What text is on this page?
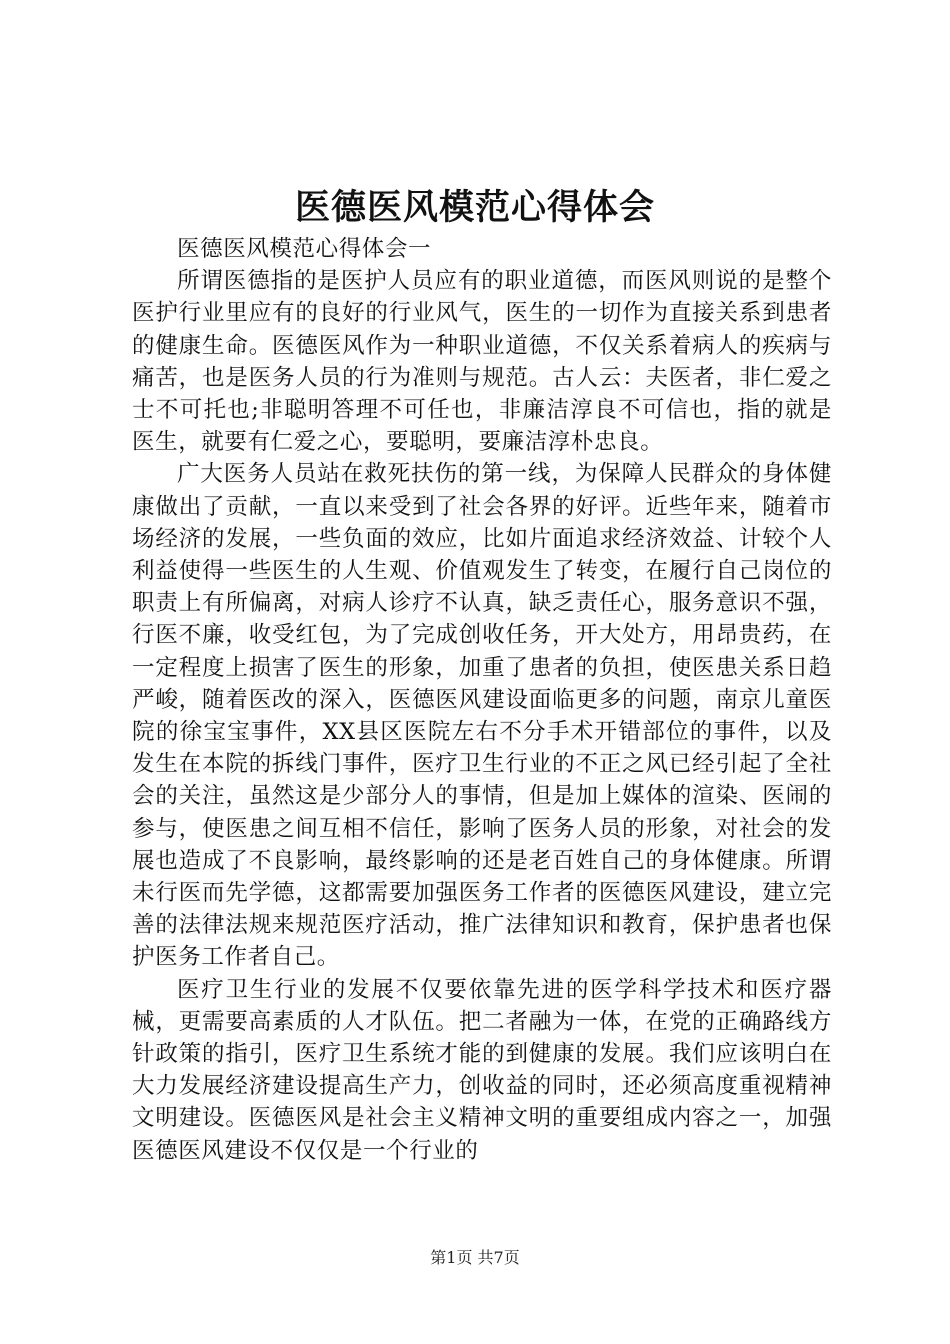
医德医风模范心得体会

医德医风模范心得体会一

所谓医德指的是医护人员应有的职业道德，而医风则说的是整个医护行业里应有的良好的行业风气，医生的一切作为直接关系到患者的健康生命。医德医风作为一种职业道德，不仅关系着病人的疾病与痛苦，也是医务人员的行为准则与规范。古人云：夫医者，非仁爱之士不可托也;非聪明答理不可任也，非廉洁淳良不可信也，指的就是医生，就要有仁爱之心，要聪明，要廉洁淳朴忠良。

广大医务人员站在救死扶伤的第一线，为保障人民群众的身体健康做出了贡献，一直以来受到了社会各界的好评。近些年来，随着市场经济的发展，一些负面的效应，比如片面追求经济效益、计较个人利益使得一些医生的人生观、价值观发生了转变，在履行自己岗位的职责上有所偏离，对病人诊疗不认真，缺乏责任心，服务意识不强，行医不廉，收受红包，为了完成创收任务，开大处方，用昂贵药，在一定程度上损害了医生的形象，加重了患者的负担，使医患关系日趋严峻，随着医改的深入，医德医风建设面临更多的问题，南京儿童医院的徐宝宝事件，XX县区医院左右不分手术开错部位的事件，以及发生在本院的拆线门事件，医疗卫生行业的不正之风已经引起了全社会的关注，虽然这是少部分人的事情，但是加上媒体的渲染、医闹的参与，使医患之间互相不信任，影响了医务人员的形象，对社会的发展也造成了不良影响，最终影响的还是老百姓自己的身体健康。所谓未行医而先学德，这都需要加强医务工作者的医德医风建设，建立完善的法律法规来规范医疗活动，推广法律知识和教育，保护患者也保护医务工作者自己。

医疗卫生行业的发展不仅要依靠先进的医学科学技术和医疗器械，更需要高素质的人才队伍。把二者融为一体，在党的正确路线方针政策的指引，医疗卫生系统才能的到健康的发展。我们应该明白在大力发展经济建设提高生产力，创收益的同时，还必须高度重视精神文明建设。医德医风是社会主义精神文明的重要组成内容之一，加强医德医风建设不仅仅是一个行业的

第1页 共7页
